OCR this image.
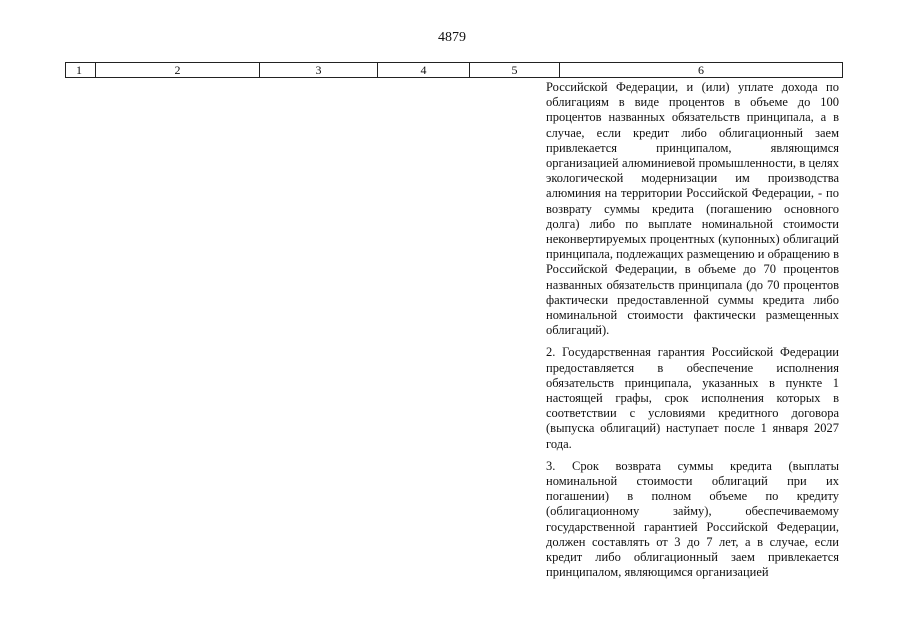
4879
1	2	3	4	5	6

Российской Федерации, и (или) уплате дохода по облигациям в виде процентов в объеме до 100 процентов названных обязательств принципала, а в случае, если кредит либо облигационный заем привлекается принципалом, являющимся организацией алюминиевой промышленности, в целях экологической модернизации им производства алюминия на территории Российской Федерации, - по возврату суммы кредита (погашению основного долга) либо по выплате номинальной стоимости неконвертируемых процентных (купонных) облигаций принципала, подлежащих размещению и обращению в Российской Федерации, в объеме до 70 процентов названных обязательств принципала (до 70 процентов фактически предоставленной суммы кредита либо номинальной стоимости фактически размещенных облигаций).

2. Государственная гарантия Российской Федерации предоставляется в обеспечение исполнения обязательств принципала, указанных в пункте 1 настоящей графы, срок исполнения которых в соответствии с условиями кредитного договора (выпуска облигаций) наступает после 1 января 2027 года.

3. Срок возврата суммы кредита (выплаты номинальной стоимости облигаций при их погашении) в полном объеме по кредиту (облигационному займу), обеспечиваемому государственной гарантией Российской Федерации, должен составлять от 3 до 7 лет, а в случае, если кредит либо облигационный заем привлекается принципалом, являющимся организацией
